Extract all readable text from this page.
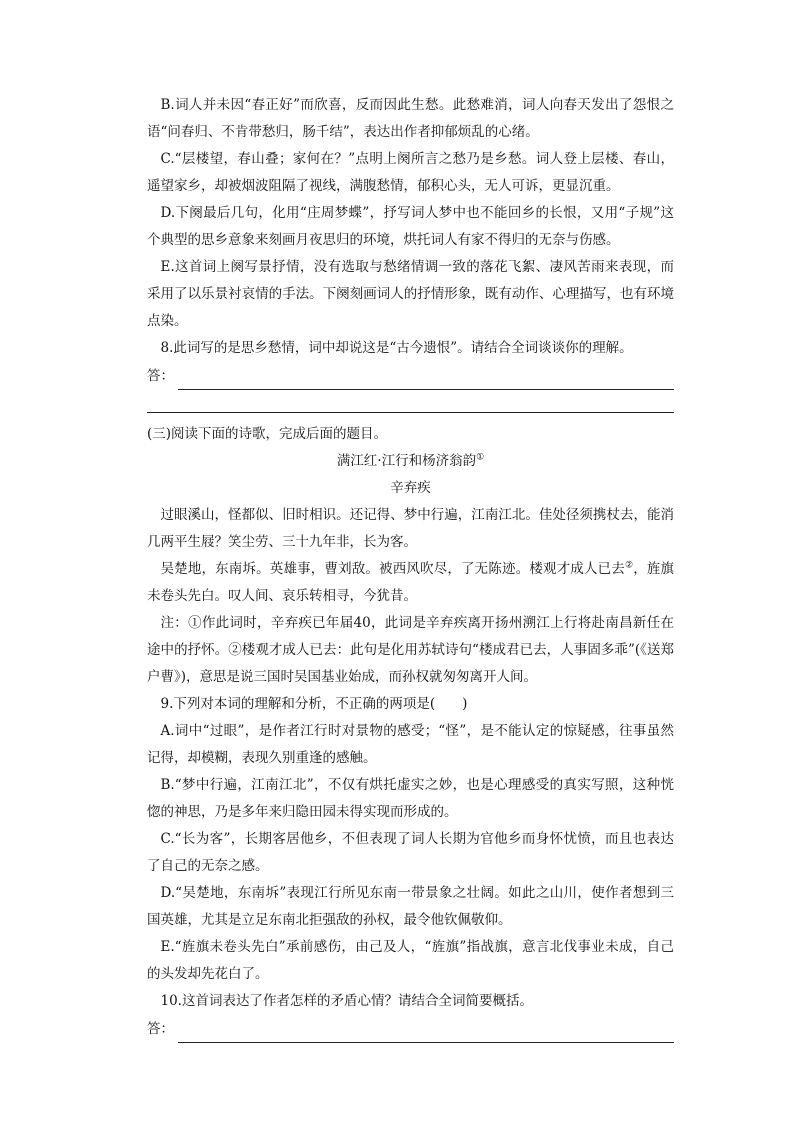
B.词人并未因“春正好”而欣喜，反而因此生愁。此愁难消，词人向春天发出了怨恨之语“问春归、不肯带愁归，肠千结”，表达出作者抑郁烦乱的心绪。

C.“层楼望，春山叠；家何在？”点明上阕所言之愁乃是乡愁。词人登上层楼、春山，遥望家乡，却被烟波阻隔了视线，满腹愁情，郁积心头，无人可诉，更显沉重。

D.下阕最后几句，化用“庄周梦蝶”，抒写词人梦中也不能回乡的长恨，又用“子规”这个典型的思乡意象来刻画月夜思归的环境，烘托词人有家不得归的无奈与伤感。

E.这首词上阕写景抒情，没有选取与愁绪情调一致的落花飞絮、凄风苦雨来表现，而采用了以乐景衬哀情的手法。下阕刻画词人的抒情形象，既有动作、心理描写，也有环境点染。

8.此词写的是思乡愁情，词中却说这是“古今遗恨”。请结合全词谈谈你的理解。

答：

(三)阅读下面的诗歌，完成后面的题目。

满江红·江行和杨济翁韵①

辛弃疾

过眼溪山，怪都似、旧时相识。还记得、梦中行遍，江南江北。佳处径须携杖去，能消几两平生屐？笑尘劳、三十九年非，长为客。

吴楚地，东南坼。英雄事，曹刘敌。被西风吹尽，了无陈迹。楼观才成人已去②，旌旗未卷头先白。叹人间、哀乐转相寻，今犹昔。

注：①作此词时，辛弃疾已年届40，此词是辛弃疾离开扬州溯江上行将赴南昌新任在途中的抒怀。②楼观才成人已去：此句是化用苏轼诗句“楼成君已去，人事固多乖”(《送郑户曹》)，意思是说三国时吴国基业始成，而孙权就匆匆离开人间。

9.下列对本词的理解和分析，不正确的两项是(　　)

A.词中“过眼”，是作者江行时对景物的感受；“怪”，是不能认定的惊疑感，往事虽然记得，却模糊，表现久别重逢的感触。

B.“梦中行遍，江南江北”，不仅有烘托虚实之妙，也是心理感受的真实写照，这种恍惚的神思，乃是多年来归隐田园未得实现而形成的。

C.“长为客”，长期客居他乡，不但表现了词人长期为官他乡而身怀忧愤，而且也表达了自己的无奈之感。

D.“吴楚地，东南坼”表现江行所见东南一带景象之壮阔。如此之山川，使作者想到三国英雄，尤其是立足东南北拒强敌的孙权，最令他钦佩敬仰。

E.“旌旗未卷头先白”承前感伤，由己及人，“旌旗”指战旗，意言北伐事业未成，自己的头发却先花白了。

10.这首词表达了作者怎样的矛盾心情？请结合全词简要概括。

答：
